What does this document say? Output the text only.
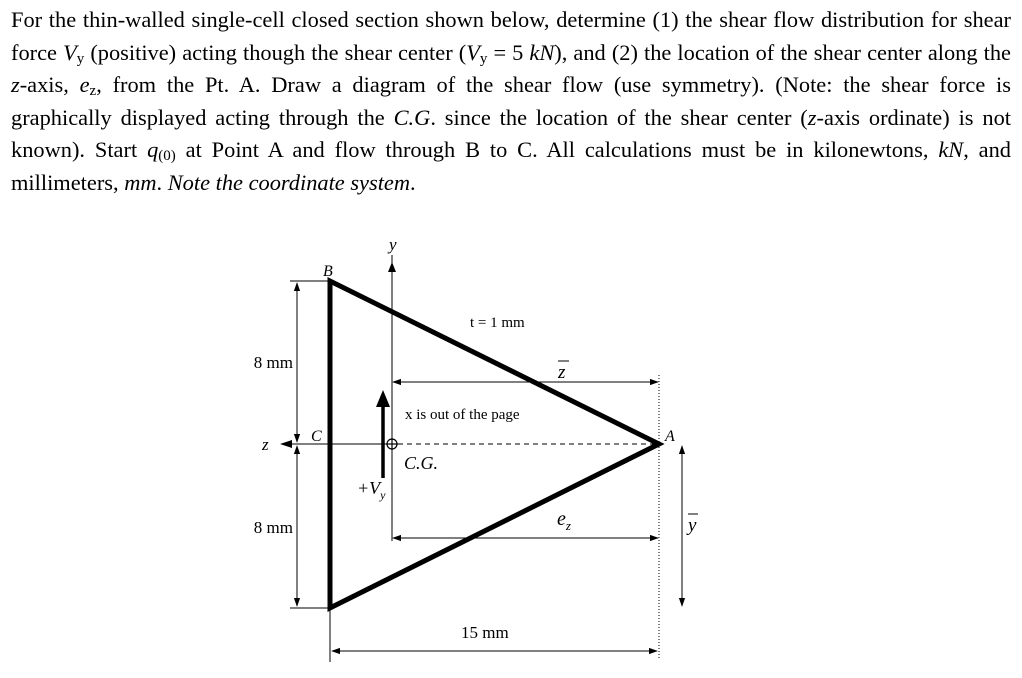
For the thin-walled single-cell closed section shown below, determine (1) the shear flow distribution for shear force $V_y$ (positive) acting though the shear center ($V_y = 5$ kN), and (2) the location of the shear center along the z-axis, $e_z$, from the Pt. A. Draw a diagram of the shear flow (use symmetry). (Note: the shear force is graphically displayed acting through the C.G. since the location of the shear center (z-axis ordinate) is not known). Start $q_{(0)}$ at Point A and flow through B to C. All calculations must be in kilonewtons, kN, and millimeters, mm. Note the coordinate system.

y
z
C.G.
$+V_y$
x is out of the page
B
C	A
t = 1 mm
z
$e_z$
8 mm
8 mm	y
15 mm
